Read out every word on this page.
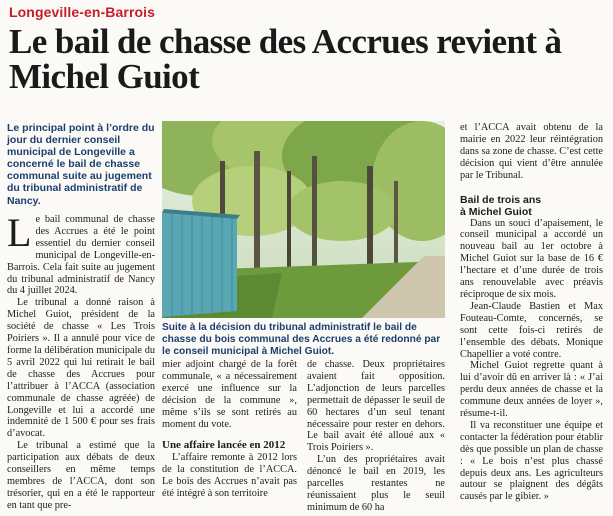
Longeville-en-Barrois
Le bail de chasse des Accrues revient à Michel Guiot
Le principal point à l’ordre du jour du dernier conseil municipal de Longeville a concerné le bail de chasse communal suite au jugement du tribunal administratif de Nancy.
L e bail communal de chasse des Accrues a été le point essentiel du dernier conseil municipal de Longeville-en-Barrois. Cela fait suite au jugement du tribunal administratif de Nancy du 4 juillet 2024.

Le tribunal a donné raison à Michel Guiot, président de la société de chasse « Les Trois Poiriers ». Il a annulé pour vice de forme la délibération municipale du 5 avril 2022 qui lui retirait le bail de chasse des Accrues pour l’attribuer à l’ACCA (association communale de chasse agréée) de Longeville et lui a accordé une indemnité de 1 500 € pour ses frais d’avocat.

Le tribunal a estimé que la participation aux débats de deux conseillers en même temps membres de l’ACCA, dont son trésorier, qui en a été le rapporteur en tant que pre-

Suite à la décision du tribunal administratif le bail de chasse du bois communal des Accrues a été redonné par le conseil municipal à Michel Guiot.

mier adjoint chargé de la forêt communale, « a nécessairement exercé une influence sur la décision de la commune », même s’ils se sont retirés au moment du vote.

Une affaire lancée en 2012

L’affaire remonte à 2012 lors de la constitution de l’ACCA. Le bois des Accrues n’avait pas été intégré à son territoire

de chasse. Deux propriétaires avaient fait opposition. L’adjonction de leurs parcelles permettait de dépasser le seuil de 60 hectares d’un seul tenant nécessaire pour rester en dehors. Le bail avait été alloué aux « Trois Poiriers ».

L’un des propriétaires avait dénoncé le bail en 2019, les parcelles restantes ne réunissaient plus le seuil minimum de 60 ha

et l’ACCA avait obtenu de la mairie en 2022 leur réintégration dans sa zone de chasse. C’est cette décision qui vient d’être annulée par le Tribunal.

Bail de trois ans
à Michel Guiot

Dans un souci d’apaisement, le conseil municipal a accordé un nouveau bail au 1er octobre à Michel Guiot sur la base de 16 € l’hectare et d’une durée de trois ans renouvelable avec préavis réciproque de six mois.

Jean-Claude Bastien et Max Fouteau-Comte, concernés, se sont cette fois-ci retirés de l’ensemble des débats. Monique Chapellier a voté contre.

Michel Guiot regrette quant à lui d’avoir dû en arriver là : « J’ai perdu deux années de chasse et la commune deux années de loyer », résume-t-il.

Il va reconstituer une équipe et contacter la fédération pour établir dès que possible un plan de chasse : « Le bois n’est plus chassé depuis deux ans. Les agriculteurs autour se plaignent des dégâts causés par le gibier. »
